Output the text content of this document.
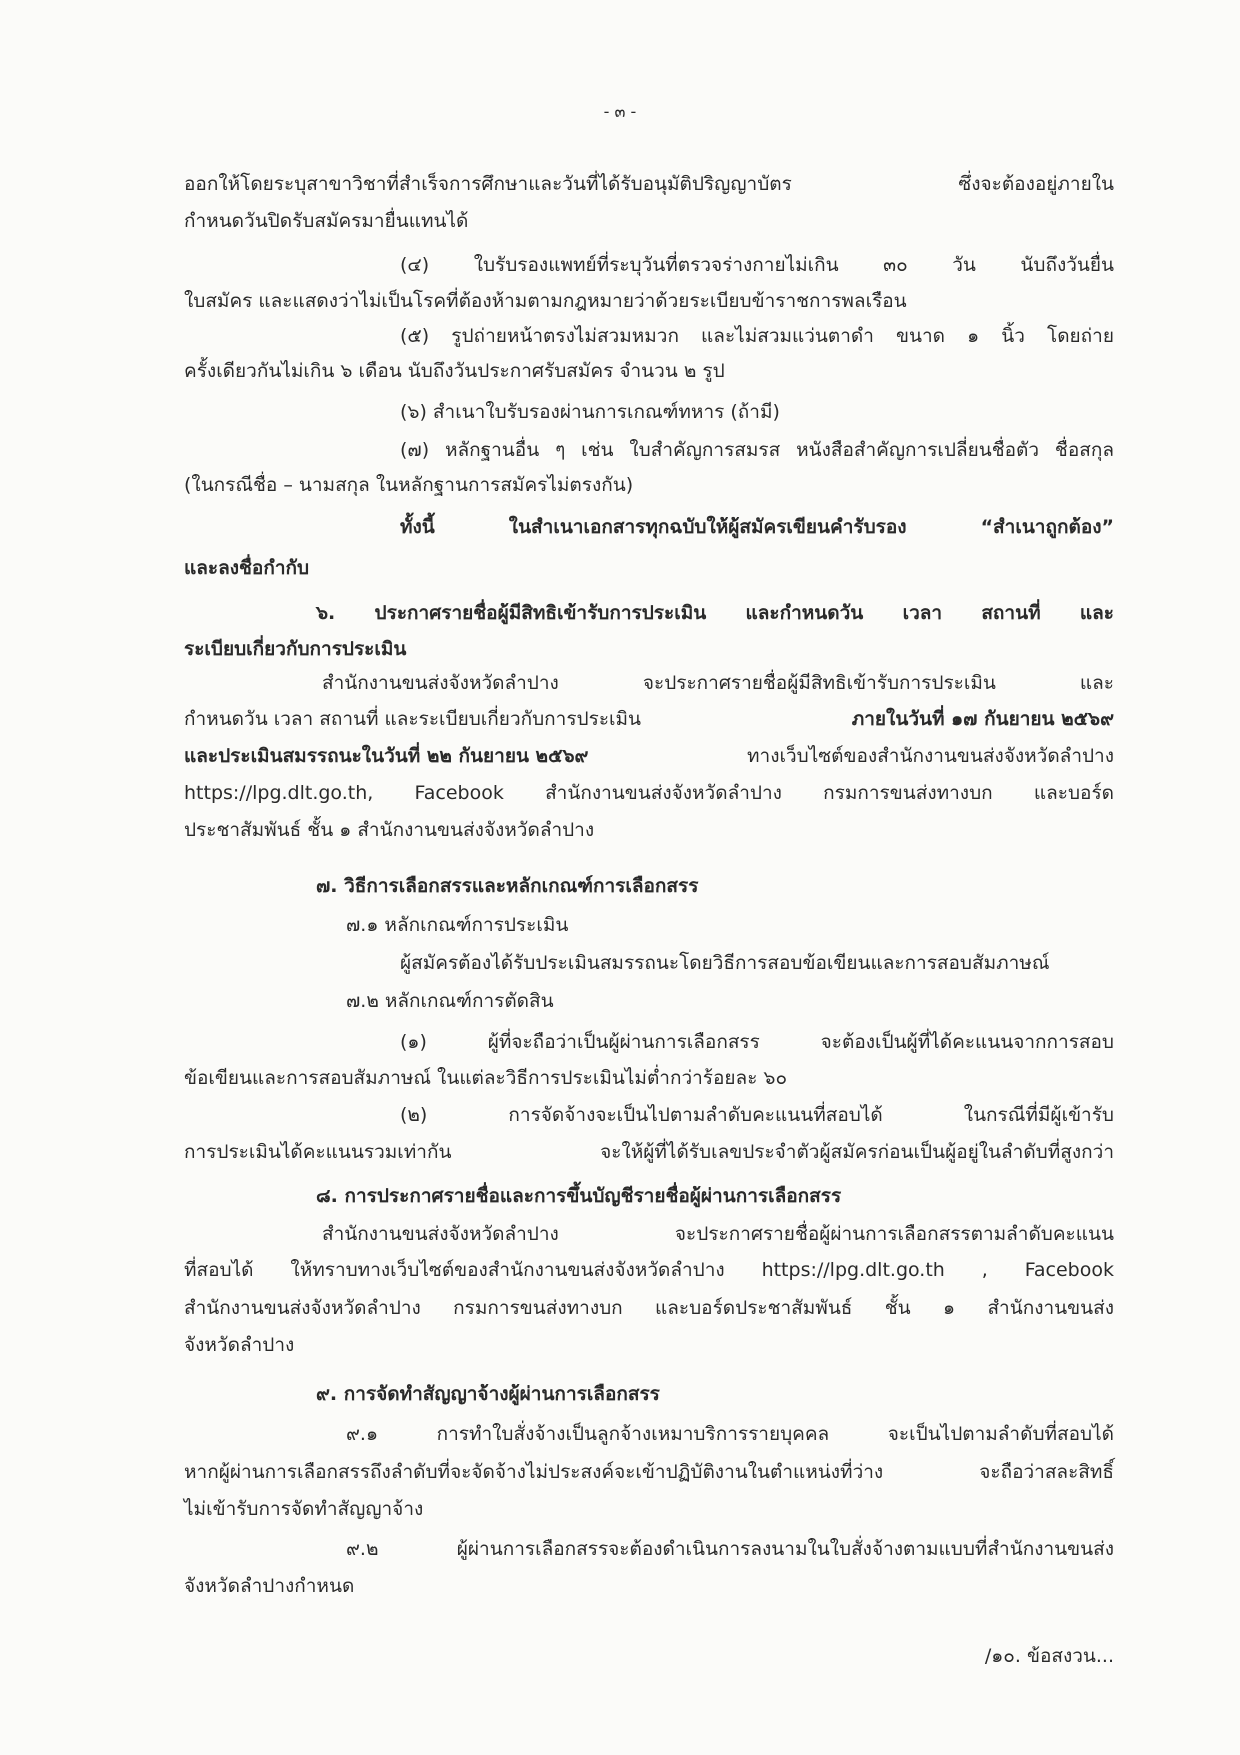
- ๓ -
ออกให้โดยระบุสาขาวิชาที่สำเร็จการศึกษาและวันที่ได้รับอนุมัติปริญญาบัตร ซึ่งจะต้องอยู่ภายใน
กำหนดวันปิดรับสมัครมายื่นแทนได้
(๔) ใบรับรองแพทย์ที่ระบุวันที่ตรวจร่างกายไม่เกิน ๓๐ วัน นับถึงวันยื่น
ใบสมัคร และแสดงว่าไม่เป็นโรคที่ต้องห้ามตามกฎหมายว่าด้วยระเบียบข้าราชการพลเรือน
(๕) รูปถ่ายหน้าตรงไม่สวมหมวก และไม่สวมแว่นตาดำ ขนาด ๑ นิ้ว โดยถ่าย
ครั้งเดียวกันไม่เกิน ๖ เดือน นับถึงวันประกาศรับสมัคร จำนวน ๒ รูป
(๖) สำเนาใบรับรองผ่านการเกณฑ์ทหาร (ถ้ามี)
(๗) หลักฐานอื่น ๆ เช่น ใบสำคัญการสมรส หนังสือสำคัญการเปลี่ยนชื่อตัว ชื่อสกุล
(ในกรณีชื่อ – นามสกุล ในหลักฐานการสมัครไม่ตรงกัน)
ทั้งนี้ ในสำเนาเอกสารทุกฉบับให้ผู้สมัครเขียนคำรับรอง “สำเนาถูกต้อง”
และลงชื่อกำกับ
๖. ประกาศรายชื่อผู้มีสิทธิเข้ารับการประเมิน และกำหนดวัน เวลา สถานที่ และ
ระเบียบเกี่ยวกับการประเมิน
สำนักงานขนส่งจังหวัดลำปาง จะประกาศรายชื่อผู้มีสิทธิเข้ารับการประเมิน และ
กำหนดวัน เวลา สถานที่ และระเบียบเกี่ยวกับการประเมิน	ภายในวันที่ ๑๗ กันยายน ๒๕๖๙
และประเมินสมรรถนะในวันที่ ๒๒ กันยายน ๒๕๖๙	ทางเว็บไซต์ของสำนักงานขนส่งจังหวัดลำปาง
https://lpg.dlt.go.th, Facebook สำนักงานขนส่งจังหวัดลำปาง กรมการขนส่งทางบก และบอร์ด
ประชาสัมพันธ์ ชั้น ๑ สำนักงานขนส่งจังหวัดลำปาง
๗. วิธีการเลือกสรรและหลักเกณฑ์การเลือกสรร
๗.๑ หลักเกณฑ์การประเมิน
ผู้สมัครต้องได้รับประเมินสมรรถนะโดยวิธีการสอบข้อเขียนและการสอบสัมภาษณ์
๗.๒ หลักเกณฑ์การตัดสิน
(๑) ผู้ที่จะถือว่าเป็นผู้ผ่านการเลือกสรร จะต้องเป็นผู้ที่ได้คะแนนจากการสอบ
ข้อเขียนและการสอบสัมภาษณ์ ในแต่ละวิธีการประเมินไม่ต่ำกว่าร้อยละ ๖๐
(๒) การจัดจ้างจะเป็นไปตามลำดับคะแนนที่สอบได้ ในกรณีที่มีผู้เข้ารับ
การประเมินได้คะแนนรวมเท่ากัน จะให้ผู้ที่ได้รับเลขประจำตัวผู้สมัครก่อนเป็นผู้อยู่ในลำดับที่สูงกว่า
๘. การประกาศรายชื่อและการขึ้นบัญชีรายชื่อผู้ผ่านการเลือกสรร
สำนักงานขนส่งจังหวัดลำปาง จะประกาศรายชื่อผู้ผ่านการเลือกสรรตามลำดับคะแนน
ที่สอบได้ ให้ทราบทางเว็บไซต์ของสำนักงานขนส่งจังหวัดลำปาง https://lpg.dlt.go.th , Facebook
สำนักงานขนส่งจังหวัดลำปาง กรมการขนส่งทางบก และบอร์ดประชาสัมพันธ์ ชั้น ๑ สำนักงานขนส่ง
จังหวัดลำปาง
๙. การจัดทำสัญญาจ้างผู้ผ่านการเลือกสรร
๙.๑ การทำใบสั่งจ้างเป็นลูกจ้างเหมาบริการรายบุคคล จะเป็นไปตามลำดับที่สอบได้
หากผู้ผ่านการเลือกสรรถึงลำดับที่จะจัดจ้างไม่ประสงค์จะเข้าปฏิบัติงานในตำแหน่งที่ว่าง จะถือว่าสละสิทธิ์
ไม่เข้ารับการจัดทำสัญญาจ้าง
๙.๒ ผู้ผ่านการเลือกสรรจะต้องดำเนินการลงนามในใบสั่งจ้างตามแบบที่สำนักงานขนส่ง
จังหวัดลำปางกำหนด
/๑๐. ข้อสงวน...
